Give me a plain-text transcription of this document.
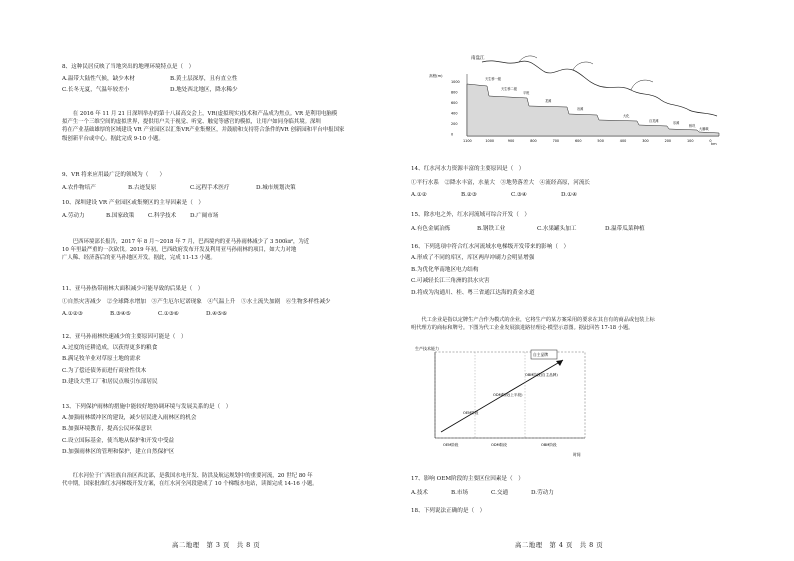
8、这种民居反映了当地突出的地理环境特点是（　）
A.温带大陆性气候，缺少木材	B.黄土层深厚，且有直立性
C.长冬无夏，气温年较差小	D.地处西北地区，降水稀少

　　在 2016 年 11 月 21 日深圳举办的第十八届高交会上，VR(虚拟现实)技术和产品成为焦点。VR 是利用电脑模

拟产生一个三维空间的虚拟世界，提供用户关于视觉、听觉、触觉等感官的模拟，让用户如同身临其境。深圳

将在产业基础雄厚的区域建设 VR 产业园区以汇集VR产业集聚区，并鼓励和支持符合条件的VR 创新园和平台申报国家

级创新平台或中心。据此完成 9-10 小题。

9、VR 将来应用最广泛的领域为（　　）
A.农作物培产	B.古迹复原	C.远程手术医疗	D.城市规划决策
10、深圳建设 VR 产业园区或集聚区的主导因素是（　）
A.劳动力	B.国家政策 C.科学技术 D.广阔市场

　　巴西环境部长报告，2017 年 8 月～2018 年 7 月，巴西境内的亚马孙雨林减少了 3 500㎞²，为近

10 年里最严重的一次砍伐。2019 年初，巴西政府发布开发及利用亚马孙雨林的项目，如大力对地

广人稀、经济落后的亚马孙地区开发。据此，完成 11-13 小题。

11、亚马孙热带雨林大面积减少可能导致的后果是（　）
①自然灾害减少　②全球降水增加　③产生厄尔尼诺现象　④气温上升　⑤水土流失加剧　⑥生物多样性减少
A.①②③	B.③④⑤	C.①③⑥	D.④⑤⑥
12、亚马孙雨林快速减少的主要原因可能是（　）
A.过度的还耕造成，以获得更多的粮食
B.满足牧羊业对草原土地的需求
C.为了偿还债务而进行商业性伐木
D.建设大型工厂和居民点吸引东部居民
13、下列保护雨林的措施中能较好地协调环境与发展关系的是（　）
A.加强雨林缓冲区的建设，减少居民进入雨林区的机会
B.加强环境教育，提高公民环保意识
C.设立国际基金，使当地从保护和开发中受益
D.加强雨林区的管理和保护，建立自然保护区

　　红水河位于广西壮族自治区西北部，是我国水电开发、防洪及航运规划中的重要河流，20 世纪 80 年

代中期，国家批准红水河梯级开发方案，在红水河全河段建成了 10 个梯级水电站，读图完成 14-16 小题。

高二地理　第 3 页　共 8 页
南盘江
高程(m)
km
1000
800
600
400
200
0
1100	1000	900	800	700	600	500	400	300	200	100	0
天生桥一级
天生桥二级
平班
龙滩
岩滩
大化
百龙滩	乐滩
桥巩
大藤峡
14、红水河水力资源丰富的主要原因是（　）
①平行水系　②降水丰富，水量大　③地势落差大　④流经高原，河流长
A.①②	B.②③	C.③④	D.①④
15、除水电之外，红水河流域可综合开发（　）
A.有色金属冶炼	B.钢铁工业	C.水果罐头加工	D.温带瓜菜种植
16、下列选项中符合红水河流域水电梯级开发带来的影响（　）
A.形成了不同的库区，库区两岸冲刷力会明显增强
B.为优化华南地区电力结构
C.可减轻长江三角洲的洪水灾害
D.将成为沟通川、桂、粤三省通江达海的黄金水道

　　代工企业是指以定牌生产合作为模式的企业，它将生产的某方案采用的要求在其自有的商品或包装上标

明代理方的商标和牌号。下图为代工企业发展演进路径理论-模型示意图。据此回答 17-18 小题。

生产技术能力
自主品牌
OEM阶段
ODM阶段(上半段)
OBM阶段(自主品牌)
OEM阶段	ODM阶段	OBM阶段
时间
17、影响 OEM阶段的主要区位因素是（　）
A.技术	B.市场	C.交通	D.劳动力
18、下列说法正确的是（　）
高二地理　第 4 页　共 8 页
